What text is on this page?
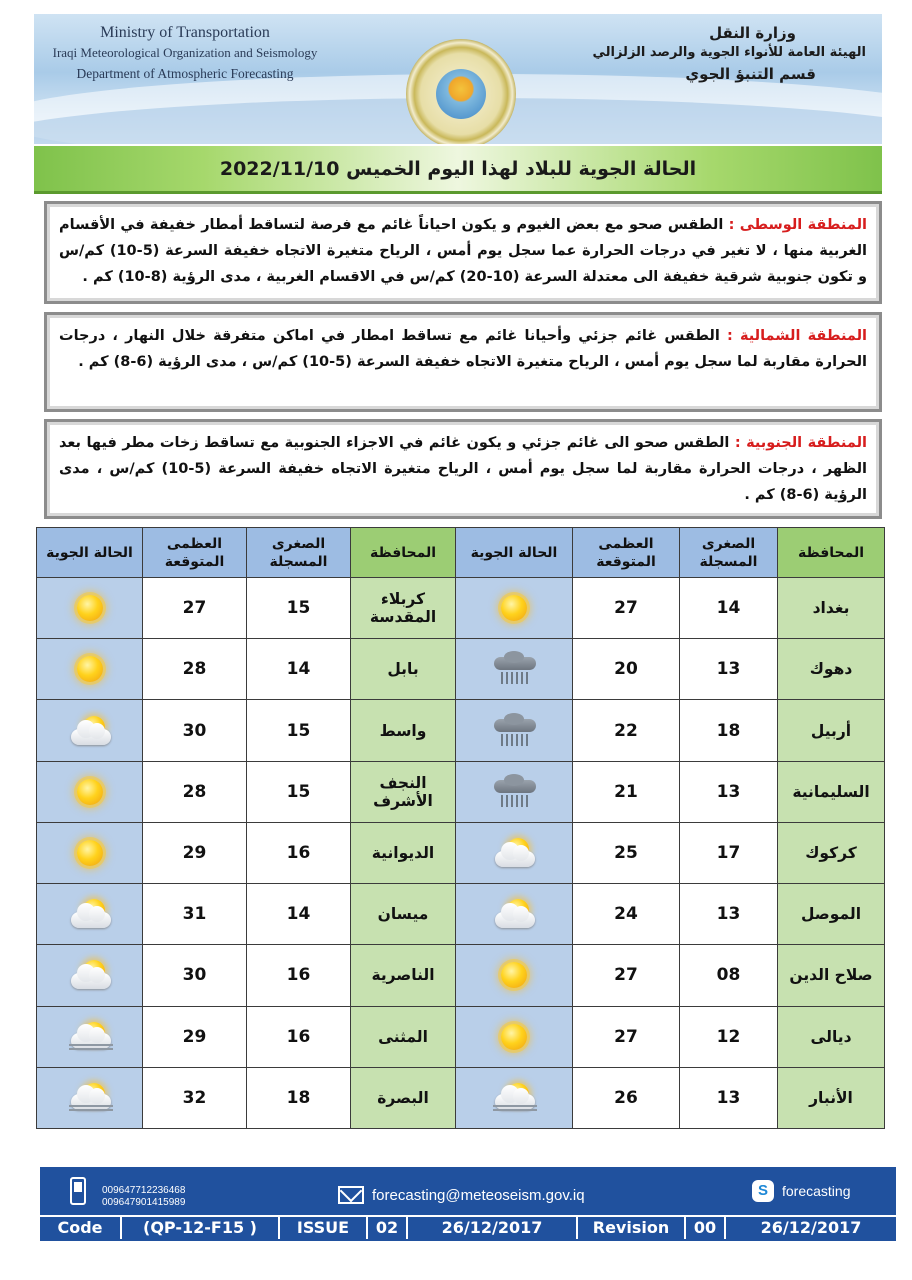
Ministry of Transportation
Iraqi Meteorological Organization and Seismology
Department of Atmospheric Forecasting
وزارة النقل
الهيئة العامة للأنواء الجوية والرصد الزلزالي
قسم التنبؤ الجوي
الحالة الجوية للبلاد لهذا اليوم الخميس 2022/11/10
المنطقة الوسطى : الطقس صحو مع بعض الغيوم و يكون احياناً غائم مع فرصة لتساقط أمطار خفيفة في الأقسام الغربية منها ، لا تغير في درجات الحرارة عما سجل يوم أمس ، الرياح متغيرة الاتجاه خفيفة السرعة (5-10) كم/س و تكون جنوبية شرقية خفيفة الى معتدلة السرعة (10-20) كم/س في الاقسام الغربية ، مدى الرؤية (8-10) كم .
المنطقة الشمالية : الطقس غائم جزئي وأحيانا غائم مع تساقط امطار في اماكن متفرقة خلال النهار ، درجات الحرارة مقاربة لما سجل يوم أمس ، الرياح متغيرة الاتجاه خفيفة السرعة (5-10) كم/س ، مدى الرؤية (6-8) كم .
المنطقة الجنوبية : الطقس صحو الى غائم جزئي و يكون غائم في الاجزاء الجنوبية مع تساقط زخات مطر فيها بعد الظهر ، درجات الحرارة مقاربة لما سجل يوم أمس ، الرياح متغيرة الاتجاه خفيفة السرعة (5-10) كم/س ، مدى الرؤية (6-8) كم .
المحافظة	الصغرى المسجلة	العظمى المتوقعة	الحالة الجوية	المحافظة	الصغرى المسجلة	العظمى المتوقعة	الحالة الجوية
بغداد	14	27		كربلاء المقدسة	15	27	

دهوك	13	20		بابل	14	28	

أربيل	18	22		واسط	15	30	

السليمانية	13	21		النجف الأشرف	15	28	

كركوك	17	25		الديوانية	16	29	

الموصل	13	24		ميسان	14	31	

صلاح الدين	08	27		الناصرية	16	30	

ديالى	12	27		المثنى	16	29	

الأنبار	13	26		البصرة	18	32	
009647712236468
009647901415989	forecasting@meteoseism.gov.iq	S	forecasting
Code	(QP-12-F15 )	ISSUE	02	26/12/2017	Revision	00	26/12/2017
